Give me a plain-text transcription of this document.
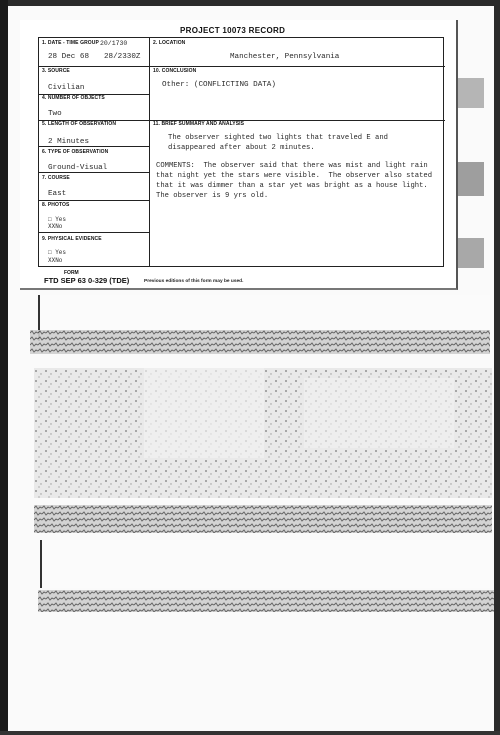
PROJECT 10073 RECORD
1. DATE - TIME GROUP 20/1730
28 Dec 68 28/2330Z
3. SOURCE
Civilian
4. NUMBER OF OBJECTS
Two
5. LENGTH OF OBSERVATION
2 Minutes
6. TYPE OF OBSERVATION
Ground-Visual
7. COURSE
East
8. PHOTOS
□ Yes
XXNo
9. PHYSICAL EVIDENCE
□ Yes
XXNo
2. LOCATION
Manchester, Pennsylvania
10. CONCLUSION
Other: (CONFLICTING DATA)
11. BRIEF SUMMARY AND ANALYSIS
The observer sighted two lights that traveled E and
disappeared after about 2 minutes.
COMMENTS:  The observer said that there was mist and light rain
that night yet the stars were visible.  The observer also stated
that it was dimmer than a star yet was bright as a house light.
The observer is 9 yrs old.
FORM
FTD SEP 63 0-329 (TDE)	Previous editions of this form may be used.
